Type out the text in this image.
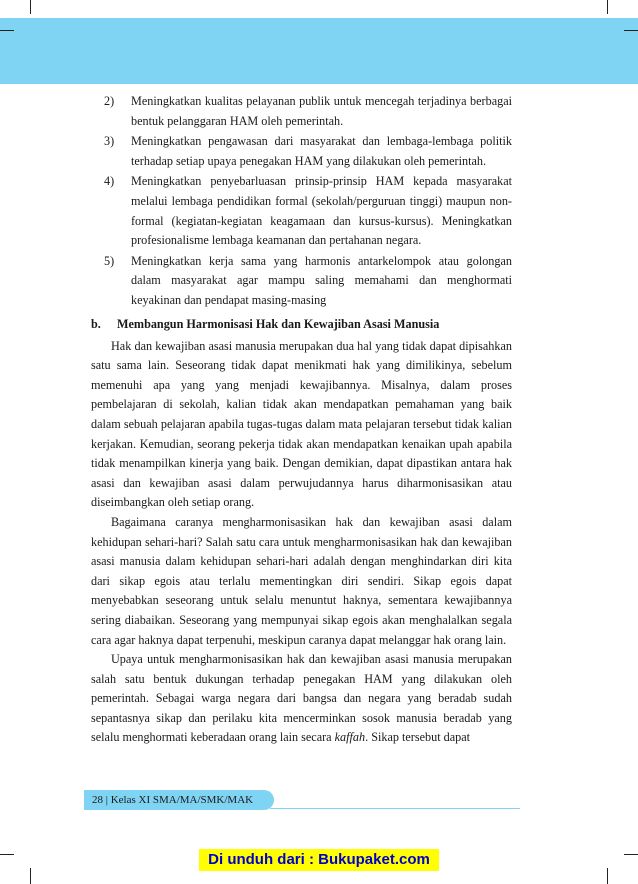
2) Meningkatkan kualitas pelayanan publik untuk mencegah terjadinya berbagai bentuk pelanggaran HAM oleh pemerintah.
3) Meningkatkan pengawasan dari masyarakat dan lembaga-lembaga politik terhadap setiap upaya penegakan HAM yang dilakukan oleh pemerintah.
4) Meningkatkan penyebarluasan prinsip-prinsip HAM kepada masyarakat melalui lembaga pendidikan formal (sekolah/perguruan tinggi) maupun non-formal (kegiatan-kegiatan keagamaan dan kursus-kursus). Meningkatkan profesionalisme lembaga keamanan dan pertahanan negara.
5) Meningkatkan kerja sama yang harmonis antarkelompok atau golongan dalam masyarakat agar mampu saling memahami dan menghormati keyakinan dan pendapat masing-masing
b. Membangun Harmonisasi Hak dan Kewajiban Asasi Manusia

Hak dan kewajiban asasi manusia merupakan dua hal yang tidak dapat dipisahkan satu sama lain. Seseorang tidak dapat menikmati hak yang dimilikinya, sebelum memenuhi apa yang yang menjadi kewajibannya. Misalnya, dalam proses pembelajaran di sekolah, kalian tidak akan mendapatkan pemahaman yang baik dalam sebuah pelajaran apabila tugas-tugas dalam mata pelajaran tersebut tidak kalian kerjakan. Kemudian, seorang pekerja tidak akan mendapatkan kenaikan upah apabila tidak menampilkan kinerja yang baik. Dengan demikian, dapat dipastikan antara hak asasi dan kewajiban asasi dalam perwujudannya harus diharmonisasikan atau diseimbangkan oleh setiap orang.

Bagaimana caranya mengharmonisasikan hak dan kewajiban asasi dalam kehidupan sehari-hari? Salah satu cara untuk mengharmonisasikan hak dan kewajiban asasi manusia dalam kehidupan sehari-hari adalah dengan menghindarkan diri kita dari sikap egois atau terlalu mementingkan diri sendiri. Sikap egois dapat menyebabkan seseorang untuk selalu menuntut haknya, sementara kewajibannya sering diabaikan. Seseorang yang mempunyai sikap egois akan menghalalkan segala cara agar haknya dapat terpenuhi, meskipun caranya dapat melanggar hak orang lain.

Upaya untuk mengharmonisasikan hak dan kewajiban asasi manusia merupakan salah satu bentuk dukungan terhadap penegakan HAM yang dilakukan oleh pemerintah. Sebagai warga negara dari bangsa dan negara yang beradab sudah sepantasnya sikap dan perilaku kita mencerminkan sosok manusia beradab yang selalu menghormati keberadaan orang lain secara kaffah. Sikap tersebut dapat

28 | Kelas XI SMA/MA/SMK/MAK
Di unduh dari : Bukupaket.com
